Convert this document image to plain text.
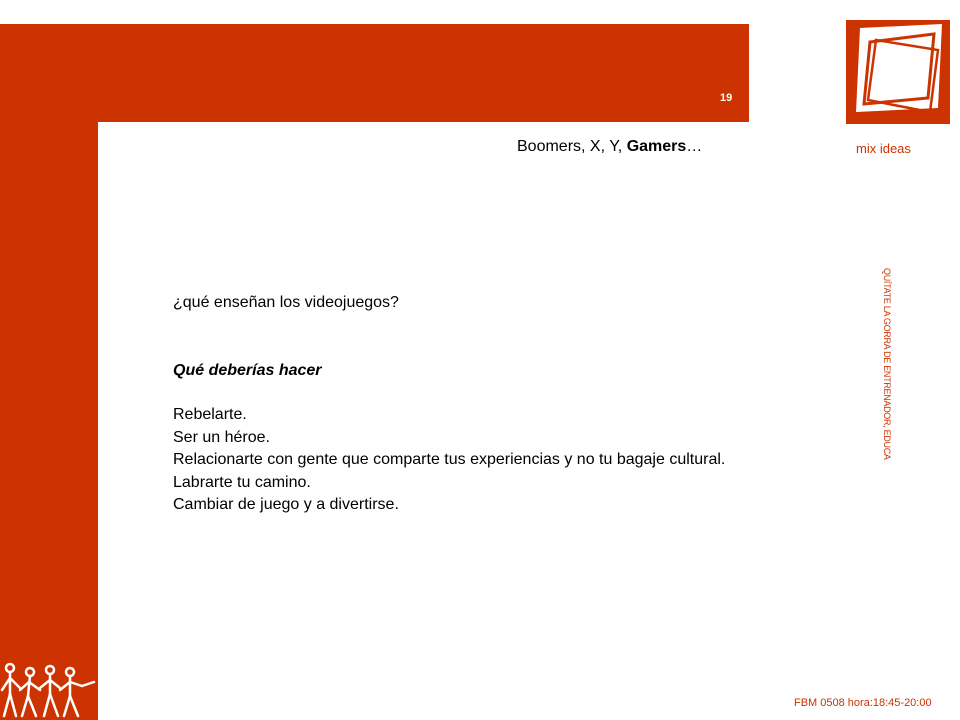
19
mix ideas
Boomers, X, Y, Gamers…
QUÍTATE LA GORRA DE ENTRENADOR, EDUCA
¿qué enseñan los videojuegos?
Qué deberías hacer
Rebelarte.
Ser un héroe.
Relacionarte con gente que comparte tus experiencias y no tu bagaje cultural.
Labrarte tu camino.
Cambiar de juego y a divertirse.
FBM 0508 hora:18:45-20:00
